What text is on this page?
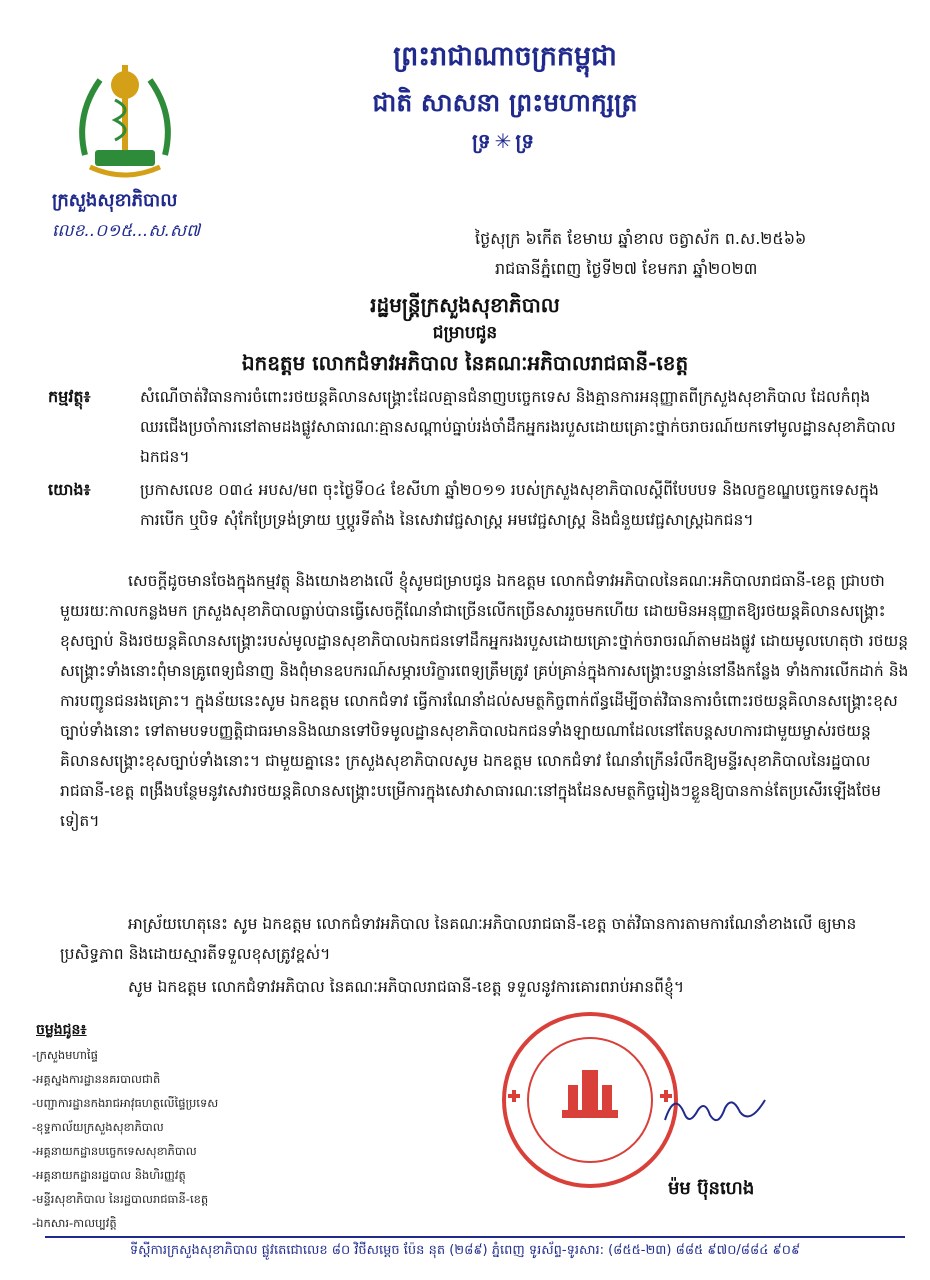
ព្រះរាជាណាចក្រកម្ពុជា
ជាតិ សាសនា ព្រះមហាក្សត្រ
ទ្រ✳ទ្រ
ក្រសួងសុខាភិបាល
លេខ..០១៥...ស.ស៧	ថ្ងៃសុក្រ ៦កើត ខែមាឃ ឆ្នាំខាល ចត្វាស័ក ព.ស.២៥៦៦
រាជធានីភ្នំពេញ ថ្ងៃទី២៧ ខែមករា ឆ្នាំ២០២៣
រដ្ឋមន្ត្រីក្រសួងសុខាភិបាល
ជម្រាបជូន
ឯកឧត្តម លោកជំទាវអភិបាល នៃគណៈអភិបាលរាជធានី-ខេត្ត
កម្មវត្ថុ៖	សំណើចាត់វិធានការចំពោះរថយន្តគិលានសង្គ្រោះដែលគ្មានជំនាញបច្ចេកទេស និងគ្មានការអនុញ្ញាតពីក្រសួងសុខាភិបាល ដែលកំពុងឈរជើងប្រចាំការនៅតាមដងផ្លូវសាធារណៈគ្មានសណ្តាប់ធ្នាប់រង់ចាំដឹកអ្នករងរបួសដោយគ្រោះថ្នាក់ចរាចរណ៍យកទៅមូលដ្ឋានសុខាភិបាលឯកជន។
យោង៖	ប្រកាសលេខ ០៣៤ អបស/មព ចុះថ្ងៃទី០៤ ខែសីហា ឆ្នាំ២០១១ របស់ក្រសួងសុខាភិបាលស្តីពីបែបបទ និងលក្ខខណ្ឌបច្ចេកទេសក្នុងការបើក ឬបិទ សុំកែប្រែទ្រង់ទ្រាយ ឬប្តូរទីតាំង នៃសេវាវេជ្ជសាស្ត្រ អមវេជ្ជសាស្ត្រ និងជំនួយវេជ្ជសាស្ត្រឯកជន។
សេចក្តីដូចមានចែងក្នុងកម្មវត្ថុ និងយោងខាងលើ ខ្ញុំសូមជម្រាបជូន ឯកឧត្តម លោកជំទាវអភិបាលនៃគណៈអភិបាលរាជធានី-ខេត្ត ជ្រាបថា មួយរយៈកាលកន្លងមក ក្រសួងសុខាភិបាលធ្លាប់បានធ្វើសេចក្តីណែនាំជាច្រើនលើកច្រើនសាររួចមកហើយ ដោយមិនអនុញ្ញាតឱ្យរថយន្តគិលានសង្គ្រោះខុសច្បាប់ និងរថយន្តគិលានសង្គ្រោះរបស់មូលដ្ឋានសុខាភិបាលឯកជនទៅដឹកអ្នករងរបួសដោយគ្រោះថ្នាក់ចរាចរណ៍តាមដងផ្លូវ ដោយមូលហេតុថា រថយន្តសង្គ្រោះទាំងនោះពុំមានគ្រូពេទ្យជំនាញ និងពុំមានឧបករណ៍សម្ភារបរិក្ខារពេទ្យត្រឹមត្រូវ គ្រប់គ្រាន់ក្នុងការសង្គ្រោះបន្ទាន់នៅនឹងកន្លែង ទាំងការលើកដាក់ និងការបញ្ជូនជនរងគ្រោះ។ ក្នុងន័យនេះសូម ឯកឧត្តម លោកជំទាវ ធ្វើការណែនាំដល់សមត្ថកិច្ចពាក់ព័ន្ធដើម្បីចាត់វិធានការចំពោះរថយន្តគិលានសង្គ្រោះខុសច្បាប់ទាំងនោះ ទៅតាមបទបញ្ញត្តិជាធរមាននិងឈានទៅបិទមូលដ្ឋានសុខាភិបាលឯកជនទាំងឡាយណាដែលនៅតែបន្តសហការជាមួយម្ចាស់រថយន្តគិលានសង្គ្រោះខុសច្បាប់ទាំងនោះ។ ជាមួយគ្នានេះ ក្រសួងសុខាភិបាលសូម ឯកឧត្តម លោកជំទាវ ណែនាំក្រើនរំលឹកឱ្យមន្ទីរសុខាភិបាលនៃរដ្ឋបាលរាជធានី-ខេត្ត ពង្រឹងបន្ថែមនូវសេវារថយន្តគិលានសង្គ្រោះបម្រើការក្នុងសេវាសាធារណៈនៅក្នុងដែនសមត្ថកិច្ចរៀងៗខ្លួនឱ្យបានកាន់តែប្រសើរឡើងថែមទៀត។
អាស្រ័យហេតុនេះ សូម ឯកឧត្តម លោកជំទាវអភិបាល នៃគណៈអភិបាលរាជធានី-ខេត្ត ចាត់វិធានការតាមការណែនាំខាងលើ ឲ្យមានប្រសិទ្ធភាព និងដោយស្មារតីទទួលខុសត្រូវខ្ពស់។
សូម ឯកឧត្តម លោកជំទាវអភិបាល នៃគណៈអភិបាលរាជធានី-ខេត្ត ទទួលនូវការគោរពរាប់អានពីខ្ញុំ។
ចម្លងជូន៖
-ក្រសួងមហាផ្ទៃ
-អគ្គស្នងការដ្ឋាននគរបាលជាតិ
-បញ្ជាការដ្ឋានកងរាជអាវុធហត្ថលើផ្ទៃប្រទេស
-ខុទ្ទកាល័យក្រសួងសុខាភិបាល
-អគ្គនាយកដ្ឋានបច្ចេកទេសសុខាភិបាល
-អគ្គនាយកដ្ឋានរដ្ឋបាល និងហិរញ្ញវត្ថុ
-មន្ទីរសុខាភិបាល នៃរដ្ឋបាលរាជធានី-ខេត្ត
-ឯកសារ-កាលប្បវត្តិ
ម៉ម ប៊ុនហេង
ទីស្តីការក្រសួងសុខាភិបាល ផ្លូវតេជោលេខ ៨០ វិថីសម្តេច ប៉ែន នុត (២៨៩) ភ្នំពេញ ទូរស័ព្ទ-ទូរសារ: (៨៥៥-២៣) ៨៨៥ ៩៧០/៨៨៤ ៩០៩
